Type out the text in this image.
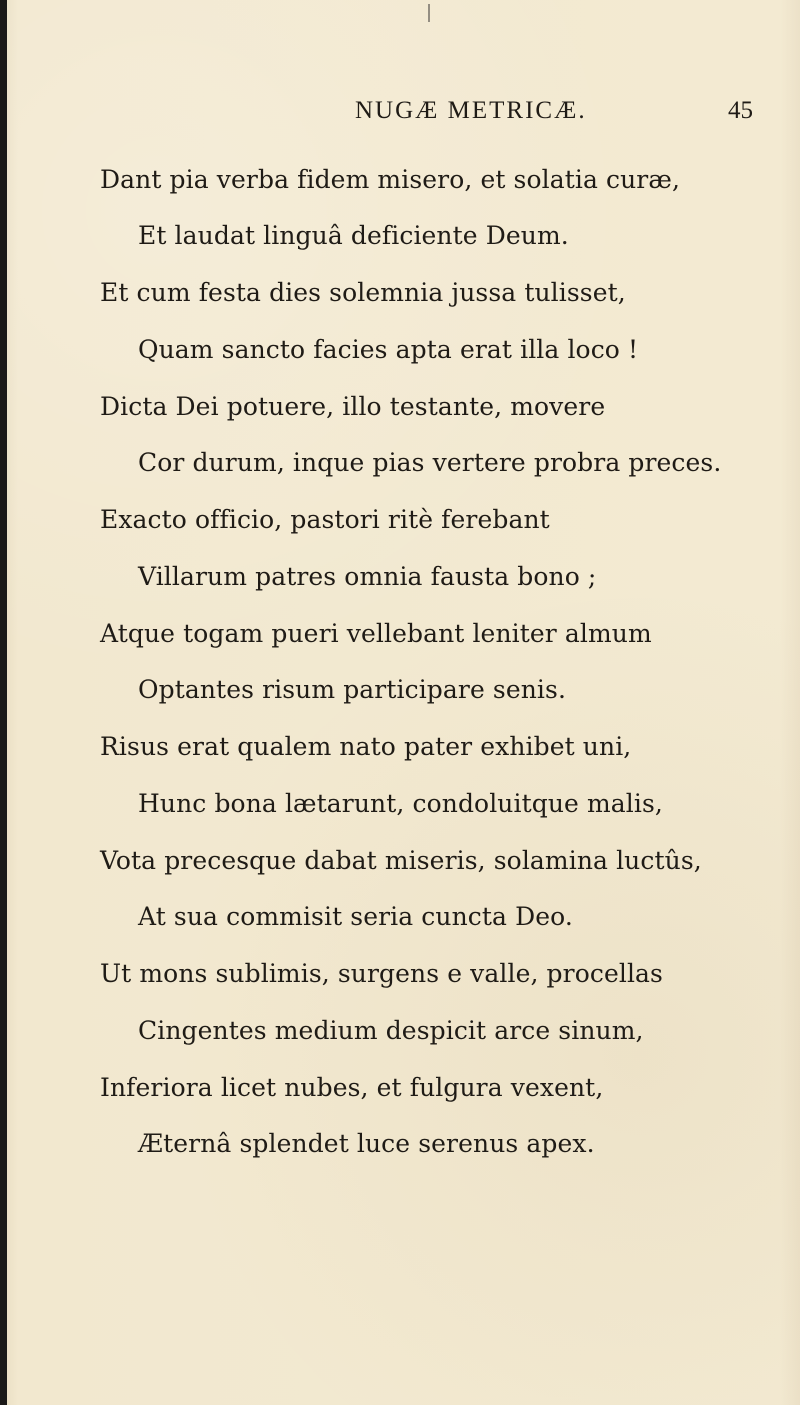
NUGÆ METRICÆ.	45

Dant pia verba fidem misero, et solatia curæ,

Et laudat linguâ deficiente Deum.

Et cum festa dies solemnia jussa tulisset,

Quam sancto facies apta erat illa loco !

Dicta Dei potuere, illo testante, movere

Cor durum, inque pias vertere probra preces.

Exacto officio, pastori ritè ferebant

Villarum patres omnia fausta bono ;

Atque togam pueri vellebant leniter almum

Optantes risum participare senis.

Risus erat qualem nato pater exhibet uni,

Hunc bona lætarunt, condoluitque malis,

Vota precesque dabat miseris, solamina luctûs,

At sua commisit seria cuncta Deo.

Ut mons sublimis, surgens e valle, procellas

Cingentes medium despicit arce sinum,

Inferiora licet nubes, et fulgura vexent,

Æternâ splendet luce serenus apex.
